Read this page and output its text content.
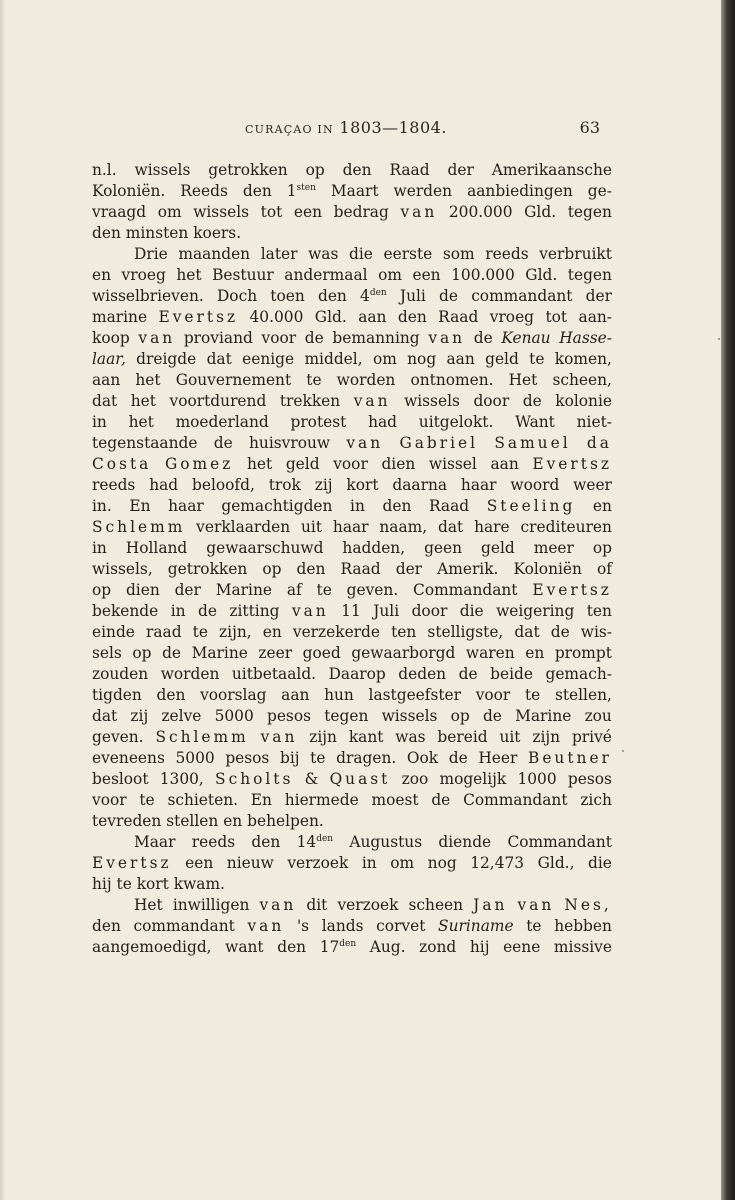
CURAÇAO IN 1803—1804.	63
n.l. wissels getrokken op den Raad der Amerikaansche
Koloniën. Reeds den $1^{sten}$ Maart werden aanbiedingen ge-
vraagd om wissels tot een bedrag van 200.000 Gld. tegen
den
minsten
koers.
Drie
maanden
later
was
die
eerste
som
reeds
verbruikt
en vroeg het Bestuur andermaal om een 100.000 Gld. tegen
wisselbrieven. Doch toen den $4^{den}$ Juli de commandant der
marine Evertsz 40.000 Gld. aan den Raad vroeg tot aan-
koop van proviand voor de bemanning van de Kenau Hasse-
laar, dreigde dat eenige middel, om nog aan geld te komen,
aan het Gouvernement te worden ontnomen. Het scheen,
dat het voortdurend trekken van wissels door de kolonie
in het moederland protest had uitgelokt. Want niet-
tegenstaande de huisvrouw van Gabriel Samuel da
Costa Gomez het geld voor dien wissel aan Evertsz
reeds had beloofd, trok zij kort daarna haar woord weer
in. En haar gemachtigden in den Raad Steeling en
Schlemm verklaarden uit haar naam, dat hare crediteuren
in Holland gewaarschuwd hadden, geen geld meer op
wissels, getrokken op den Raad der Amerik. Koloniën of
op dien der Marine af te geven. Commandant Evertsz
bekende in de zitting van 11 Juli door die weigering ten
einde raad te zijn, en verzekerde ten stelligste, dat de wis-
sels op de Marine zeer goed gewaarborgd waren en prompt
zouden worden uitbetaald. Daarop deden de beide gemach-
tigden den voorslag aan hun lastgeefster voor te stellen,
dat zij zelve 5000 pesos tegen wissels op de Marine zou
geven. Schlemm van zijn kant was bereid uit zijn privé
eveneens 5000 pesos bij te dragen. Ook de Heer Beutner
besloot 1300, Scholts & Quast zoo mogelijk 1000 pesos
voor te schieten. En hiermede moest de Commandant zich
tevreden
stellen
en
behelpen.
Maar
reeds
den
$14^{den}$
Augustus
diende
Commandant
Evertsz een nieuw verzoek in om nog 12,473 Gld., die
hij
te
kort
kwam.
Het
inwilligen
van
dit
verzoek
scheen
Jan
van
Nes,
den commandant van 's lands corvet Suriname te hebben
aangemoedigd, want den $17^{den}$ Aug. zond hij eene missive
